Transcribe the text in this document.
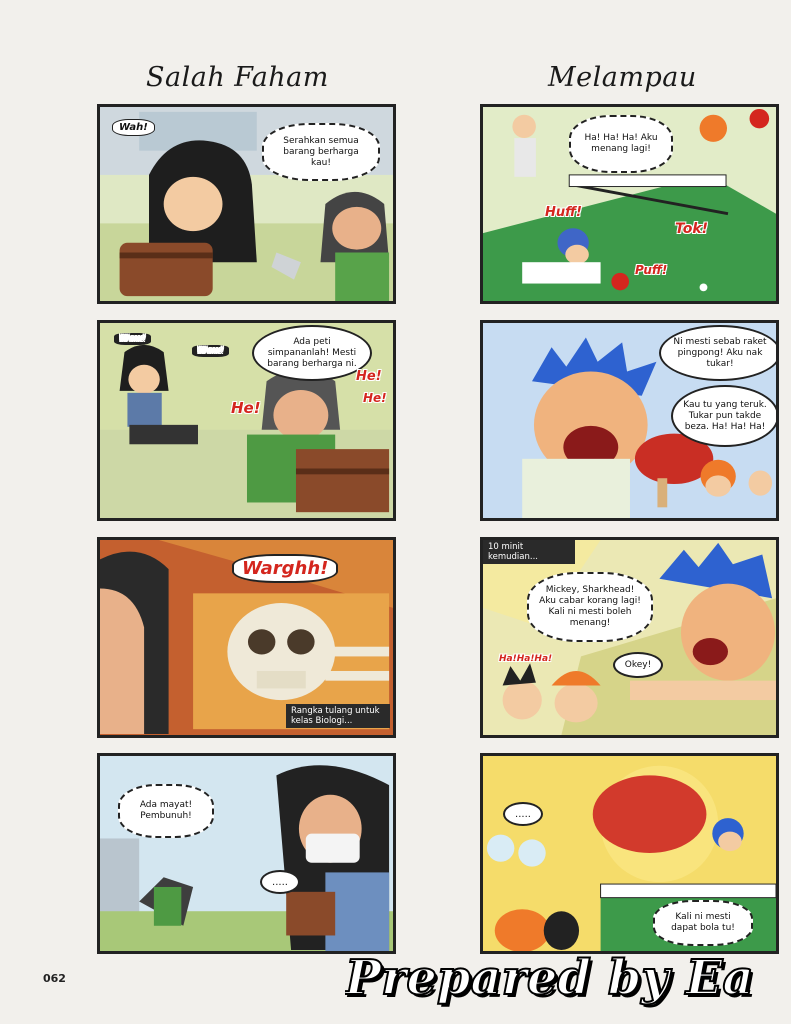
Salah Faham	Melampau
Wah!
Serahkan semua barang berharga kau!
Wuu!
Wuu!
Ada peti simpananlah! Mesti barang berharga ni.
He!
He!
He!
Warghh!
Rangka tulang untuk kelas Biologi...
Ada mayat! Pembunuh!
.....
Ha! Ha! Ha! Aku menang lagi!
Huff!
Tok!
Puff!
Ni mesti sebab raket pingpong! Aku nak tukar!
Kau tu yang teruk. Tukar pun takde beza. Ha! Ha! Ha!
10 minit kemudian...
Mickey, Sharkhead! Aku cabar korang lagi! Kali ni mesti boleh menang!
Ha!Ha!Ha!
Okey!
.....
Kali ni mesti dapat bola tu!
062	Prepared by Ea
